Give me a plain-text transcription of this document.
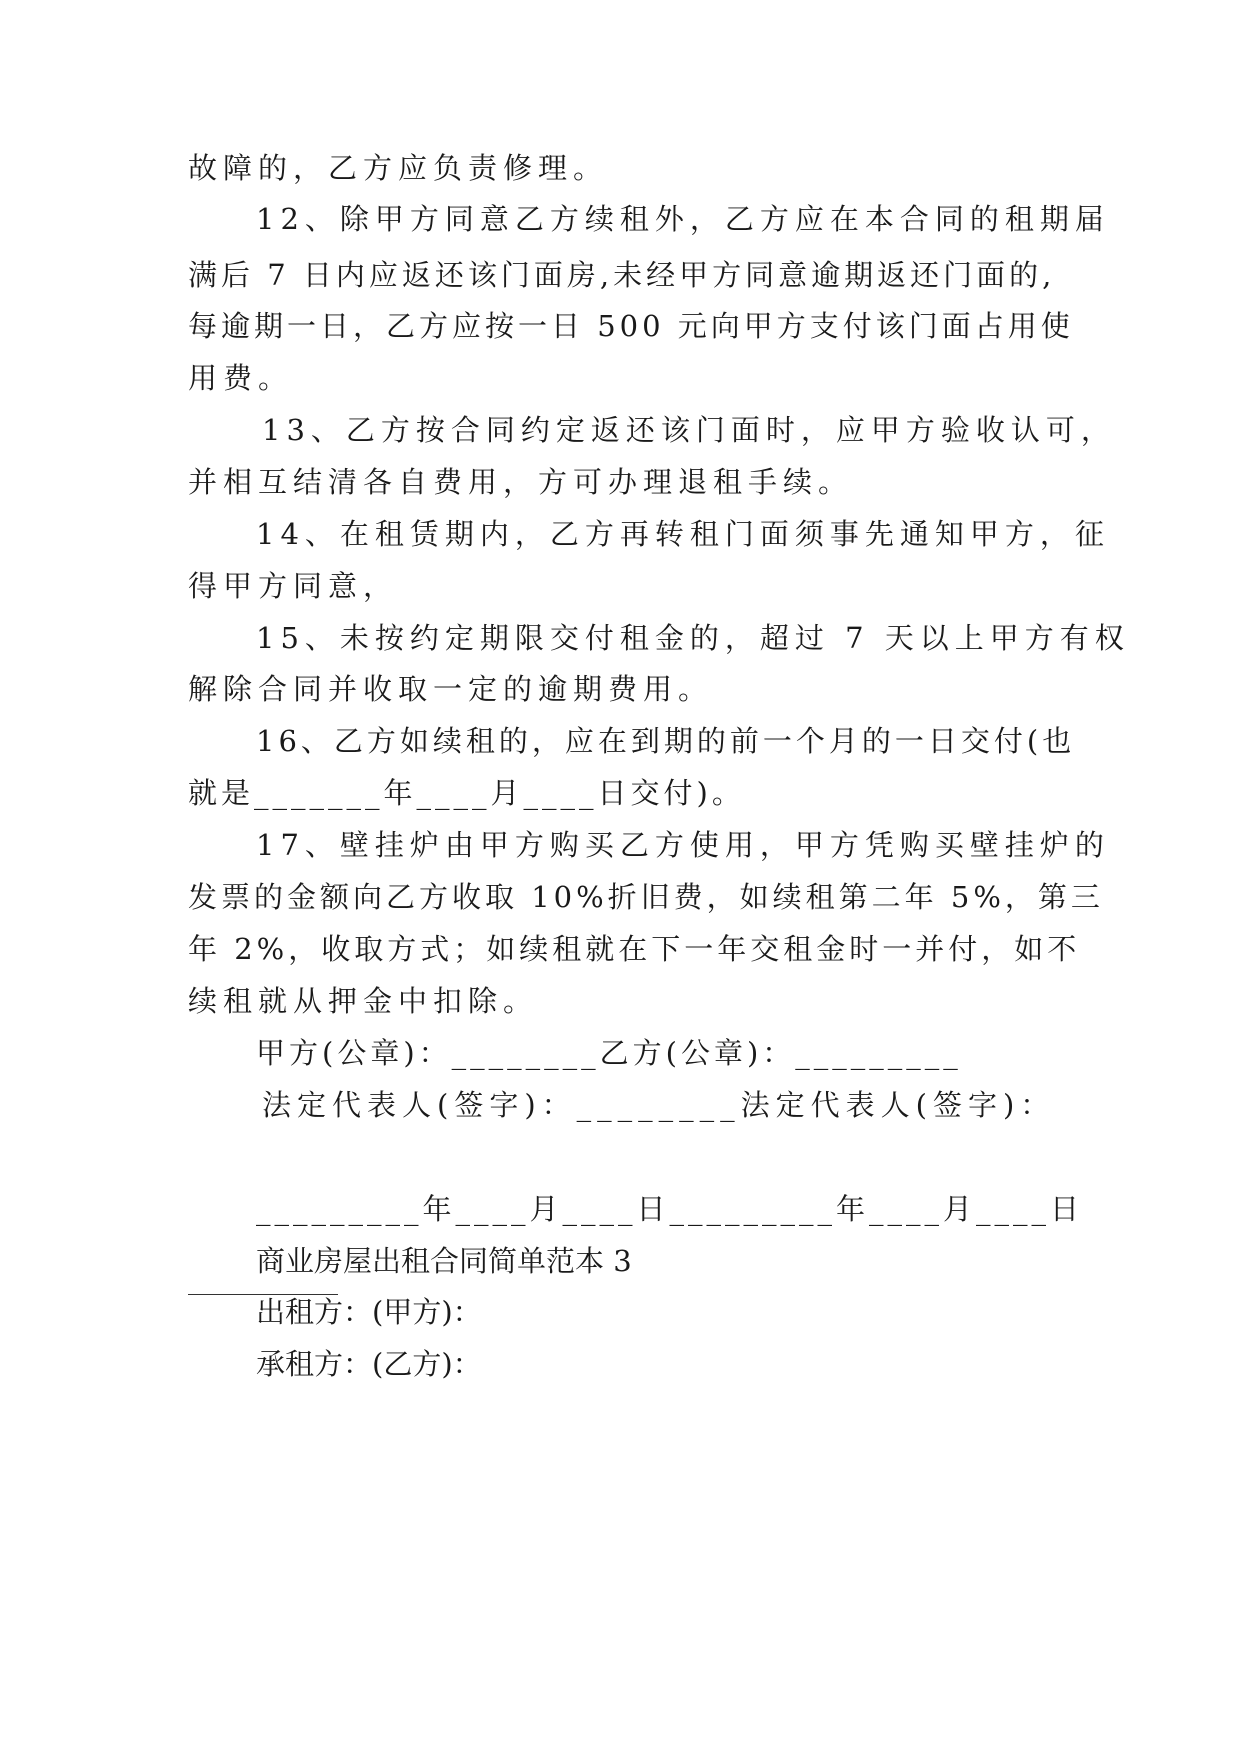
故障的，乙方应负责修理。
12、除甲方同意乙方续租外，乙方应在本合同的租期届
满后 7 日内应返还该门面房,未经甲方同意逾期返还门面的,
每逾期一日，乙方应按一日 500 元向甲方支付该门面占用使
用费。
13、乙方按合同约定返还该门面时，应甲方验收认可，
并相互结清各自费用，方可办理退租手续。
14、在租赁期内，乙方再转租门面须事先通知甲方，征
得甲方同意，
15、未按约定期限交付租金的，超过 7 天以上甲方有权
解除合同并收取一定的逾期费用。
16、乙方如续租的，应在到期的前一个月的一日交付(也
就是_______年____月____日交付)。
17、壁挂炉由甲方购买乙方使用，甲方凭购买壁挂炉的
发票的金额向乙方收取 10%折旧费，如续租第二年 5%，第三
年 2%，收取方式；如续租就在下一年交租金时一并付，如不
续租就从押金中扣除。
甲方(公章)：________乙方(公章)：_________
法定代表人(签字)：________法定代表人(签字)：
_________年____月____日_________年____月____日
商业房屋出租合同简单范本 3
出租方：(甲方)：
承租方：(乙方)：
